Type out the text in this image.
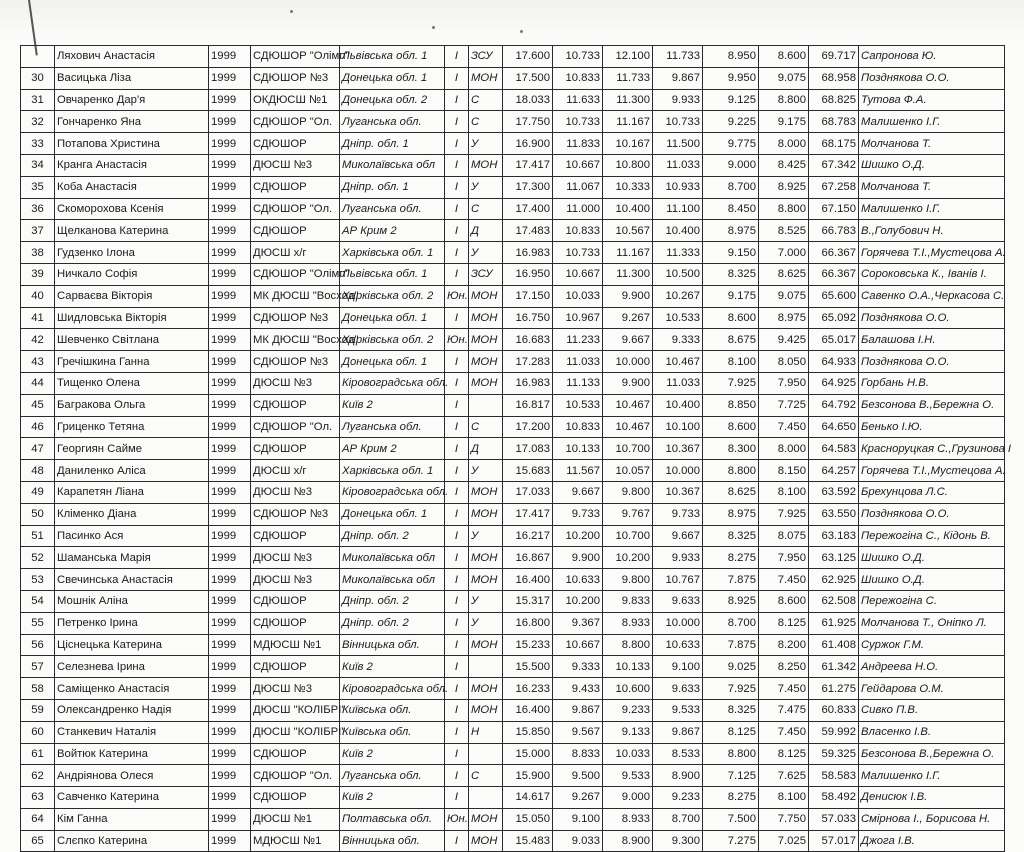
	Ляхович Анастасія	1999	СДЮШОР "Олімп"	Львівська обл. 1	І	ЗСУ	17.600	10.733	12.100	11.733	8.950	8.600	69.717	Сапронова Ю.
30	Васицька Ліза	1999	СДЮШОР №3	Донецька обл. 1	І	МОН	17.500	10.833	11.733	9.867	9.950	9.075	68.958	Позднякова О.О.
31	Овчаренко Дар'я	1999	ОКДЮСШ №1	Донецька обл. 2	І	С	18.033	11.633	11.300	9.933	9.125	8.800	68.825	Тутова Ф.А.
32	Гончаренко Яна	1999	СДЮШОР "Ол.	Луганська обл.	І	С	17.750	10.733	11.167	10.733	9.225	9.175	68.783	Малишенко І.Г.
33	Потапова Христина	1999	СДЮШОР	Дніпр. обл. 1	І	У	16.900	11.833	10.167	11.500	9.775	8.000	68.175	Молчанова Т.
34	Кранга Анастасія	1999	ДЮСШ №3	Миколаївська обл	І	МОН	17.417	10.667	10.800	11.033	9.000	8.425	67.342	Шишко О.Д.
35	Коба Анастасія	1999	СДЮШОР	Дніпр. обл. 1	І	У	17.300	11.067	10.333	10.933	8.700	8.925	67.258	Молчанова Т.
36	Скоморохова Ксенія	1999	СДЮШОР "Ол.	Луганська обл.	І	С	17.400	11.000	10.400	11.100	8.450	8.800	67.150	Малишенко І.Г.
37	Щелканова Катерина	1999	СДЮШОР	АР Крим 2	І	Д	17.483	10.833	10.567	10.400	8.975	8.525	66.783	В.,Голубович Н.
38	Гудзенко Ілона	1999	ДЮСШ х/г	Харківська обл. 1	І	У	16.983	10.733	11.167	11.333	9.150	7.000	66.367	Горячева Т.І.,Мустецова А.
39	Ничкало Софія	1999	СДЮШОР "Олімп"	Львівська обл. 1	І	ЗСУ	16.950	10.667	11.300	10.500	8.325	8.625	66.367	Сороковська К., Іванів І.
40	Сарваєва Вікторія	1999	МК ДЮСШ "Восход"	Харківська обл. 2	Юн.	МОН	17.150	10.033	9.900	10.267	9.175	9.075	65.600	Савенко О.А.,Черкасова С.
41	Шидловська Вікторія	1999	СДЮШОР №3	Донецька обл. 1	І	МОН	16.750	10.967	9.267	10.533	8.600	8.975	65.092	Позднякова О.О.
42	Шевченко Світлана	1999	МК ДЮСШ "Восход"	Харківська обл. 2	Юн.	МОН	16.683	11.233	9.667	9.333	8.675	9.425	65.017	Балашова І.Н.
43	Гречішкина Ганна	1999	СДЮШОР №3	Донецька обл. 1	І	МОН	17.283	11.033	10.000	10.467	8.100	8.050	64.933	Позднякова О.О.
44	Тищенко Олена	1999	ДЮСШ №3	Кіровоградська обл.	І	МОН	16.983	11.133	9.900	11.033	7.925	7.950	64.925	Горбань Н.В.
45	Багракова Ольга	1999	СДЮШОР	Київ 2	І		16.817	10.533	10.467	10.400	8.850	7.725	64.792	Безсонова В.,Бережна О.
46	Гриценко Тетяна	1999	СДЮШОР "Ол.	Луганська обл.	І	С	17.200	10.833	10.467	10.100	8.600	7.450	64.650	Бенько І.Ю.
47	Георгиян Сайме	1999	СДЮШОР	АР Крим 2	І	Д	17.083	10.133	10.700	10.367	8.300	8.000	64.583	Красноруцкая С.,Грузинова І
48	Даниленко Аліса	1999	ДЮСШ х/г	Харківська обл. 1	І	У	15.683	11.567	10.057	10.000	8.800	8.150	64.257	Горячева Т.І.,Мустецова А.
49	Карапетян Ліана	1999	ДЮСШ №3	Кіровоградська обл.	І	МОН	17.033	9.667	9.800	10.367	8.625	8.100	63.592	Брехунцова Л.С.
50	Кліменко Діана	1999	СДЮШОР №3	Донецька обл. 1	І	МОН	17.417	9.733	9.767	9.733	8.975	7.925	63.550	Позднякова О.О.
51	Пасинко Ася	1999	СДЮШОР	Дніпр. обл. 2	І	У	16.217	10.200	10.700	9.667	8.325	8.075	63.183	Пережогіна С., Кідонь В.
52	Шаманська Марія	1999	ДЮСШ №3	Миколаївська обл	І	МОН	16.867	9.900	10.200	9.933	8.275	7.950	63.125	Шишко О.Д.
53	Свечинська Анастасія	1999	ДЮСШ №3	Миколаївська обл	І	МОН	16.400	10.633	9.800	10.767	7.875	7.450	62.925	Шишко О.Д.
54	Мошнік Аліна	1999	СДЮШОР	Дніпр. обл. 2	І	У	15.317	10.200	9.833	9.633	8.925	8.600	62.508	Пережогіна С.
55	Петренко Ірина	1999	СДЮШОР	Дніпр. обл. 2	І	У	16.800	9.367	8.933	10.000	8.700	8.125	61.925	Молчанова Т., Оніпко Л.
56	Ціснецька Катерина	1999	МДЮСШ №1	Вінницька обл.	І	МОН	15.233	10.667	8.800	10.633	7.875	8.200	61.408	Суржок Г.М.
57	Селезнева Ірина	1999	СДЮШОР	Київ 2	І		15.500	9.333	10.133	9.100	9.025	8.250	61.342	Андреева Н.О.
58	Саміщенко Анастасія	1999	ДЮСШ №3	Кіровоградська обл.	І	МОН	16.233	9.433	10.600	9.633	7.925	7.450	61.275	Гейдарова О.М.
59	Олександренко Надія	1999	ДЮСШ "КОЛІБРІ"	Київська обл.	І	МОН	16.400	9.867	9.233	9.533	8.325	7.475	60.833	Сивко П.В.
60	Станкевич Наталія	1999	ДЮСШ "КОЛІБРІ"	Київська обл.	І	Н	15.850	9.567	9.133	9.867	8.125	7.450	59.992	Власенко І.В.
61	Войтюк Катерина	1999	СДЮШОР	Київ 2	І		15.000	8.833	10.033	8.533	8.800	8.125	59.325	Безсонова В.,Бережна О.
62	Андріянова Олеся	1999	СДЮШОР "Ол.	Луганська обл.	І	С	15.900	9.500	9.533	8.900	7.125	7.625	58.583	Малишенко І.Г.
63	Савченко Катерина	1999	СДЮШОР	Київ 2	І		14.617	9.267	9.000	9.233	8.275	8.100	58.492	Денисюк І.В.
64	Кім Ганна	1999	ДЮСШ №1	Полтавська обл.	Юн.	МОН	15.050	9.100	8.933	8.700	7.500	7.750	57.033	Смірнова І., Борисова Н.
65	Слєпко Катерина	1999	МДЮСШ №1	Вінницька обл.	І	МОН	15.483	9.033	8.900	9.300	7.275	7.025	57.017	Джога І.В.
